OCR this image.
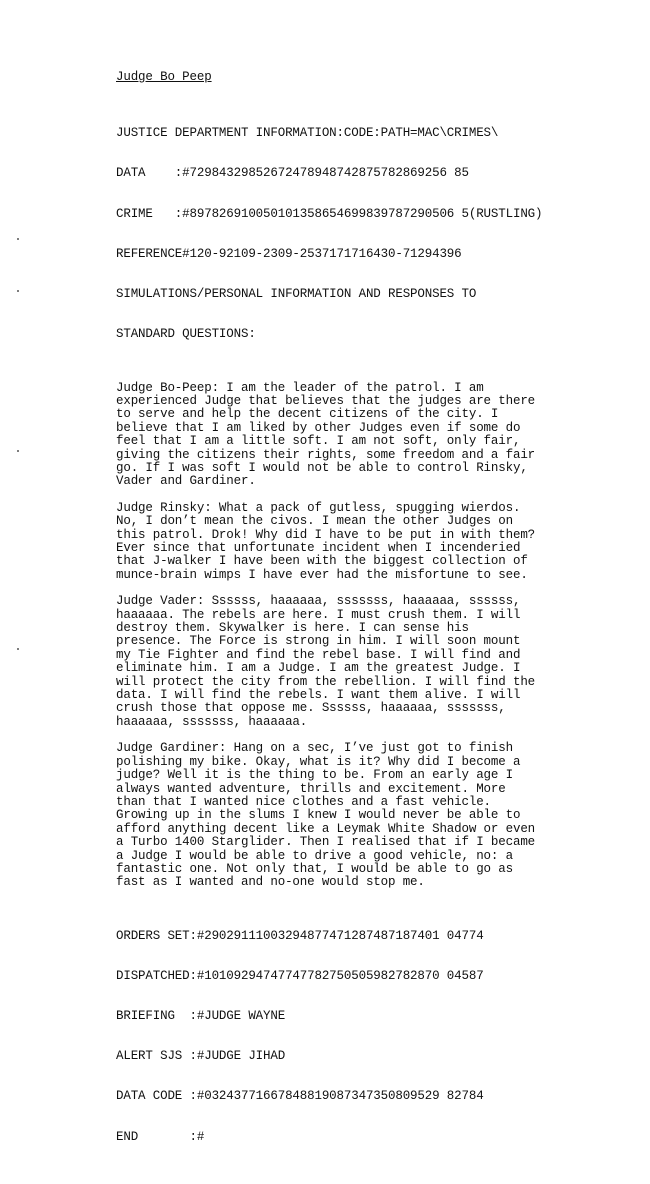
Judge Bo Peep

JUSTICE DEPARTMENT INFORMATION:CODE:PATH=MAC\CRIMES\

DATA    :#72984329852672478948742875782869256 85

CRIME   :#897826910050101358654699839787290506 5(RUSTLING)

REFERENCE#120-92109-2309-2537171716430-71294396

SIMULATIONS/PERSONAL INFORMATION AND RESPONSES TO

STANDARD QUESTIONS:

Judge Bo-Peep: I am the leader of the patrol. I am
experienced Judge that believes that the judges are there
to serve and help the decent citizens of the city. I
believe that I am liked by other Judges even if some do
feel that I am a little soft. I am not soft, only fair,
giving the citizens their rights, some freedom and a fair
go. If I was soft I would not be able to control Rinsky,
Vader and Gardiner.
Judge Rinsky: What a pack of gutless, spugging wierdos.
No, I don’t mean the civos. I mean the other Judges on
this patrol. Drok! Why did I have to be put in with them?
Ever since that unfortunate incident when I incenderied
that J-walker I have been with the biggest collection of
munce-brain wimps I have ever had the misfortune to see.
Judge Vader: Ssssss, haaaaaa, sssssss, haaaaaa, ssssss,
haaaaaa. The rebels are here. I must crush them. I will
destroy them. Skywalker is here. I can sense his
presence. The Force is strong in him. I will soon mount
my Tie Fighter and find the rebel base. I will find and
eliminate him. I am a Judge. I am the greatest Judge. I
will protect the city from the rebellion. I will find the
data. I will find the rebels. I want them alive. I will
crush those that oppose me. Ssssss, haaaaaa, sssssss,
haaaaaa, sssssss, haaaaaa.
Judge Gardiner: Hang on a sec, I’ve just got to finish
polishing my bike. Okay, what is it? Why did I become a
judge? Well it is the thing to be. From an early age I
always wanted adventure, thrills and excitement. More
than that I wanted nice clothes and a fast vehicle.
Growing up in the slums I knew I would never be able to
afford anything decent like a Leymak White Shadow or even
a Turbo 1400 Starglider. Then I realised that if I became
a Judge I would be able to drive a good vehicle, no: a
fantastic one. Not only that, I would be able to go as
fast as I wanted and no-one would stop me.

ORDERS SET:#29029111003294877471287487187401 04774

DISPATCHED:#10109294747747782750505982782870 04587

BRIEFING  :#JUDGE WAYNE

ALERT SJS :#JUDGE JIHAD

DATA CODE :#03243771667848819087347350809529 82784

END       :#
